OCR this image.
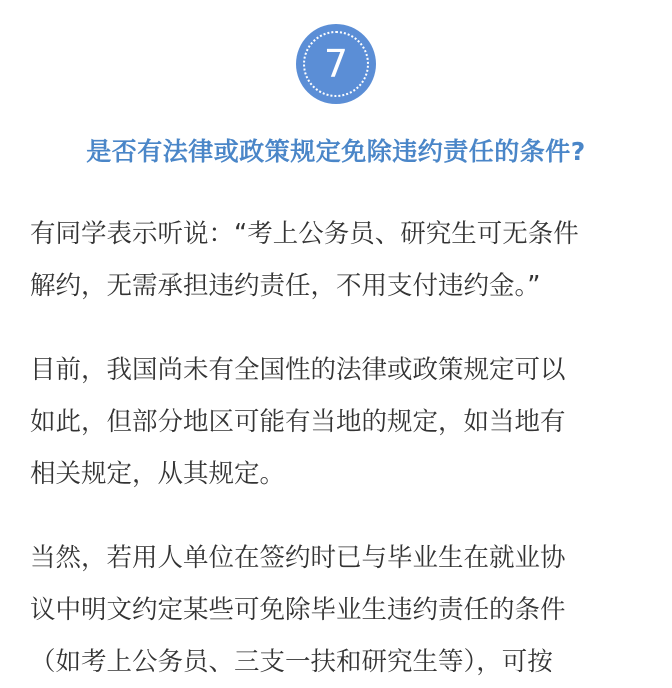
7
是否有法律或政策规定免除违约责任的条件?

有同学表示听说：“考上公务员、研究生可无条件
解约，无需承担违约责任，不用支付违约金。”

目前，我国尚未有全国性的法律或政策规定可以
如此，但部分地区可能有当地的规定，如当地有
相关规定，从其规定。

当然，若用人单位在签约时已与毕业生在就业协
议中明文约定某些可免除毕业生违约责任的条件
（如考上公务员、三支一扶和研究生等），可按
